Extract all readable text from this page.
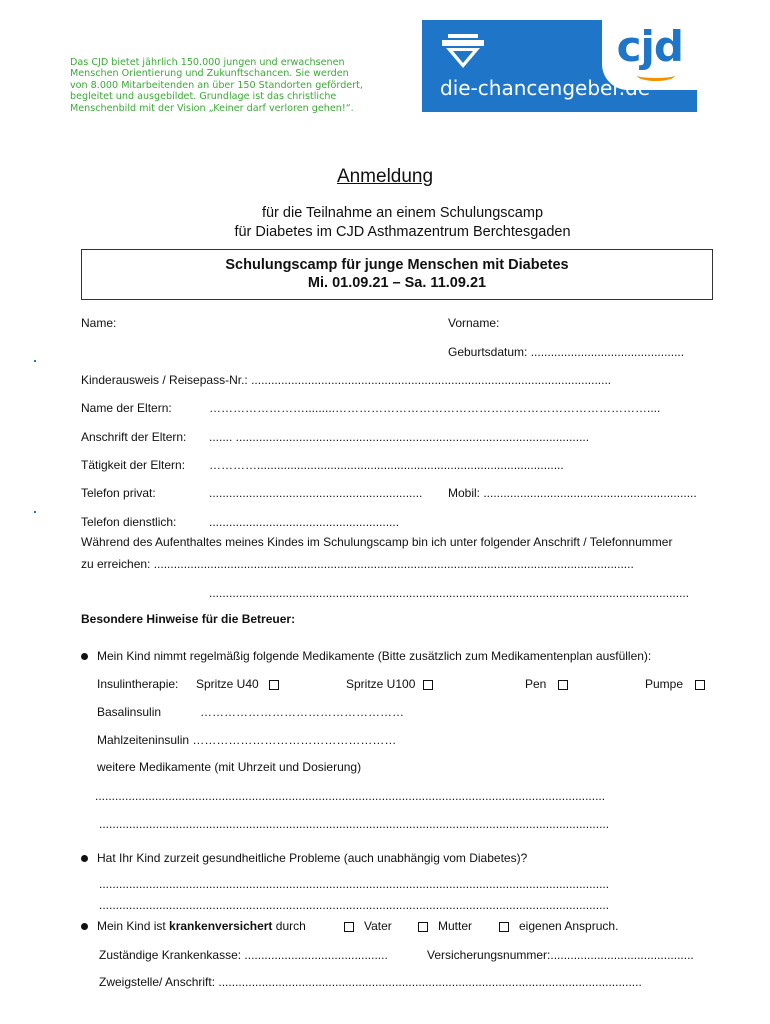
Das CJD bietet jährlich 150.000 jungen und erwachsenen
Menschen Orientierung und Zukunftschancen. Sie werden
von 8.000 Mitarbeitenden an über 150 Standorten gefördert,
begleitet und ausgebildet. Grundlage ist das christliche
Menschenbild mit der Vision „Keiner darf verloren gehen!“.
cjd
die-chancengeber.de
Anmeldung
für die Teilnahme an einem Schulungscamp
für Diabetes im CJD Asthmazentrum Berchtesgaden
Schulungscamp für junge Menschen mit Diabetes
Mi. 01.09.21 – Sa. 11.09.21
Name:	Vorname:
Geburtsdatum: ..............................................
Kinderausweis / Reisepass-Nr.: ............................................................................................................
Name der Eltern:	…………………….........……………………………………………………………………....
Anschrift der Eltern: ....... ..........................................................................................................
Tätigkeit der Eltern: …………............................................................................................
Telefon privat:	................................................................ Mobil: ................................................................
Telefon dienstlich:	.........................................................
Während des Aufenthaltes meines Kindes im Schulungscamp bin ich unter folgender Anschrift / Telefonnummer
zu erreichen: ................................................................................................................................................
................................................................................................................................................
Besondere Hinweise für die Betreuer:
Mein Kind nimmt regelmäßig folgende Medikamente (Bitte zusätzlich zum Medikamentenplan ausfüllen):
Insulintherapie: Spritze U40	Spritze U100	Pen	Pumpe
Basalinsulin	……………………………………………
Mahlzeiteninsulin ……………………………………………
weitere Medikamente (mit Uhrzeit und Dosierung)
.........................................................................................................................................................
.........................................................................................................................................................
Hat Ihr Kind zurzeit gesundheitliche Probleme (auch unabhängig vom Diabetes)?
.........................................................................................................................................................
.........................................................................................................................................................
Mein Kind ist krankenversichert durch	Vater	Mutter	eigenen Anspruch.
Zuständige Krankenkasse: ...........................................	Versicherungsnummer:...........................................
Zweigstelle/ Anschrift: ...............................................................................................................................
